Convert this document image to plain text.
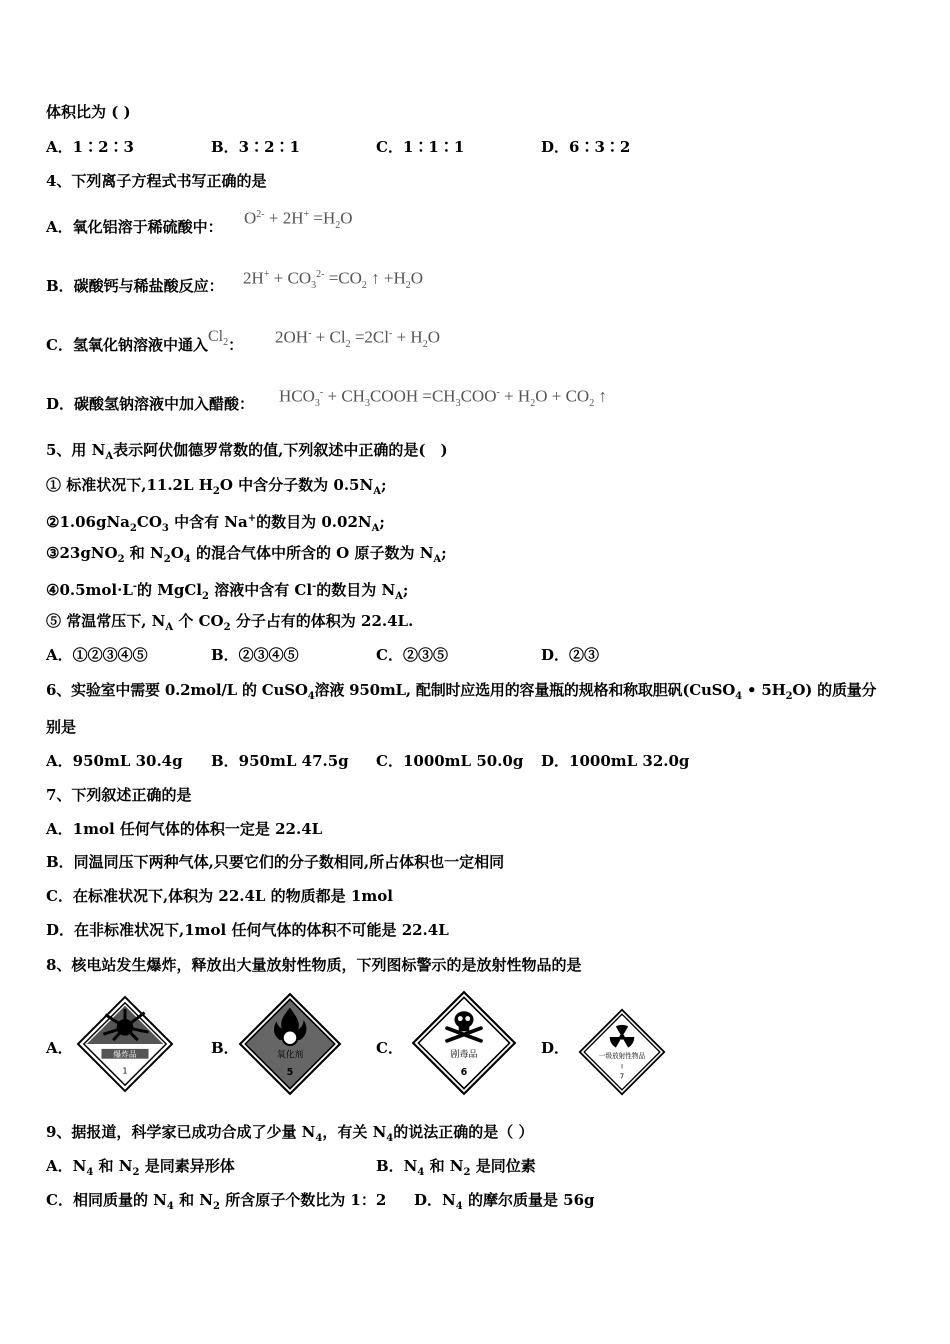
体积比为 ( )
A．1∶2∶3	B．3∶2∶1	C．1∶1∶1	D．6∶3∶2
4、下列离子方程式书写正确的是
A．氧化铝溶于稀硫酸中： $O^{2-} + 2H^+ =H_2O$
B．碳酸钙与稀盐酸反应： $2H^+ + CO_3^{2-} =CO_2$ ↑ $+H_2O$
C．氢氧化钠溶液中通入$Cl_2$： $2OH^- + Cl_2 =2Cl^- + H_2O$
D．碳酸氢钠溶液中加入醋酸： $HCO_3^-$ + $CH_3COOH =CH_3COO^- + H_2O + CO_2$ ↑
5、用 $N_A$表示阿伏伽德罗常数的值,下列叙述中正确的是(　)
① 标准状况下,11.2L $H_2O$ 中含分子数为 $0.5N_A$;
$②1.06gNa_2CO_3$ 中含有 Na+的数目为 $0.02N_A$;
③23gNO$_2$ 和 $N_2O_4$ 的混合气体中所含的 O 原子数为 $N_A$;
④0.5mol·L-的 MgCl$_2$ 溶液中含有 Cl-的数目为 $N_A$;
⑤ 常温常压下, $N_A$ 个 $CO_2$ 分子占有的体积为 22.4L.
A．①②③④⑤	B．②③④⑤	C．②③⑤	D．②③
6、实验室中需要 0.2mol/L 的 CuSO$_4$溶液 950mL, 配制时应选用的容量瓶的规格和称取胆矾(CuSO$_4$ • $5H_2O$) 的质量分
别是
A．950mL 30.4g B．950mL 47.5g C．1000mL 50.0g D．1000mL 32.0g
7、下列叙述正确的是
A．1mol 任何气体的体积一定是 22.4L
B．同温同压下两种气体,只要它们的分子数相同,所占体积也一定相同
C．在标准状况下,体积为 22.4L 的物质都是 1mol
D．在非标准状况下,1mol 任何气体的体积不可能是 22.4L
8、核电站发生爆炸，释放出大量放射性物质，下列图标警示的是放射性物品的是
A．	爆炸品
1
B．	氧化剂
5
C．	剧毒品
6
D．	一级放射性物品
I
7
9、据报道，科学家已成功合成了少量 $N_4$，有关 $N_4$的说法正确的是（ ）
A．$N_4$ 和 $N_2$ 是同素异形体	B．$N_4$ 和 $N_2$ 是同位素
C．相同质量的 $N_4$ 和 $N_2$ 所含原子个数比为 1：2 D．$N_4$ 的摩尔质量是 56g
